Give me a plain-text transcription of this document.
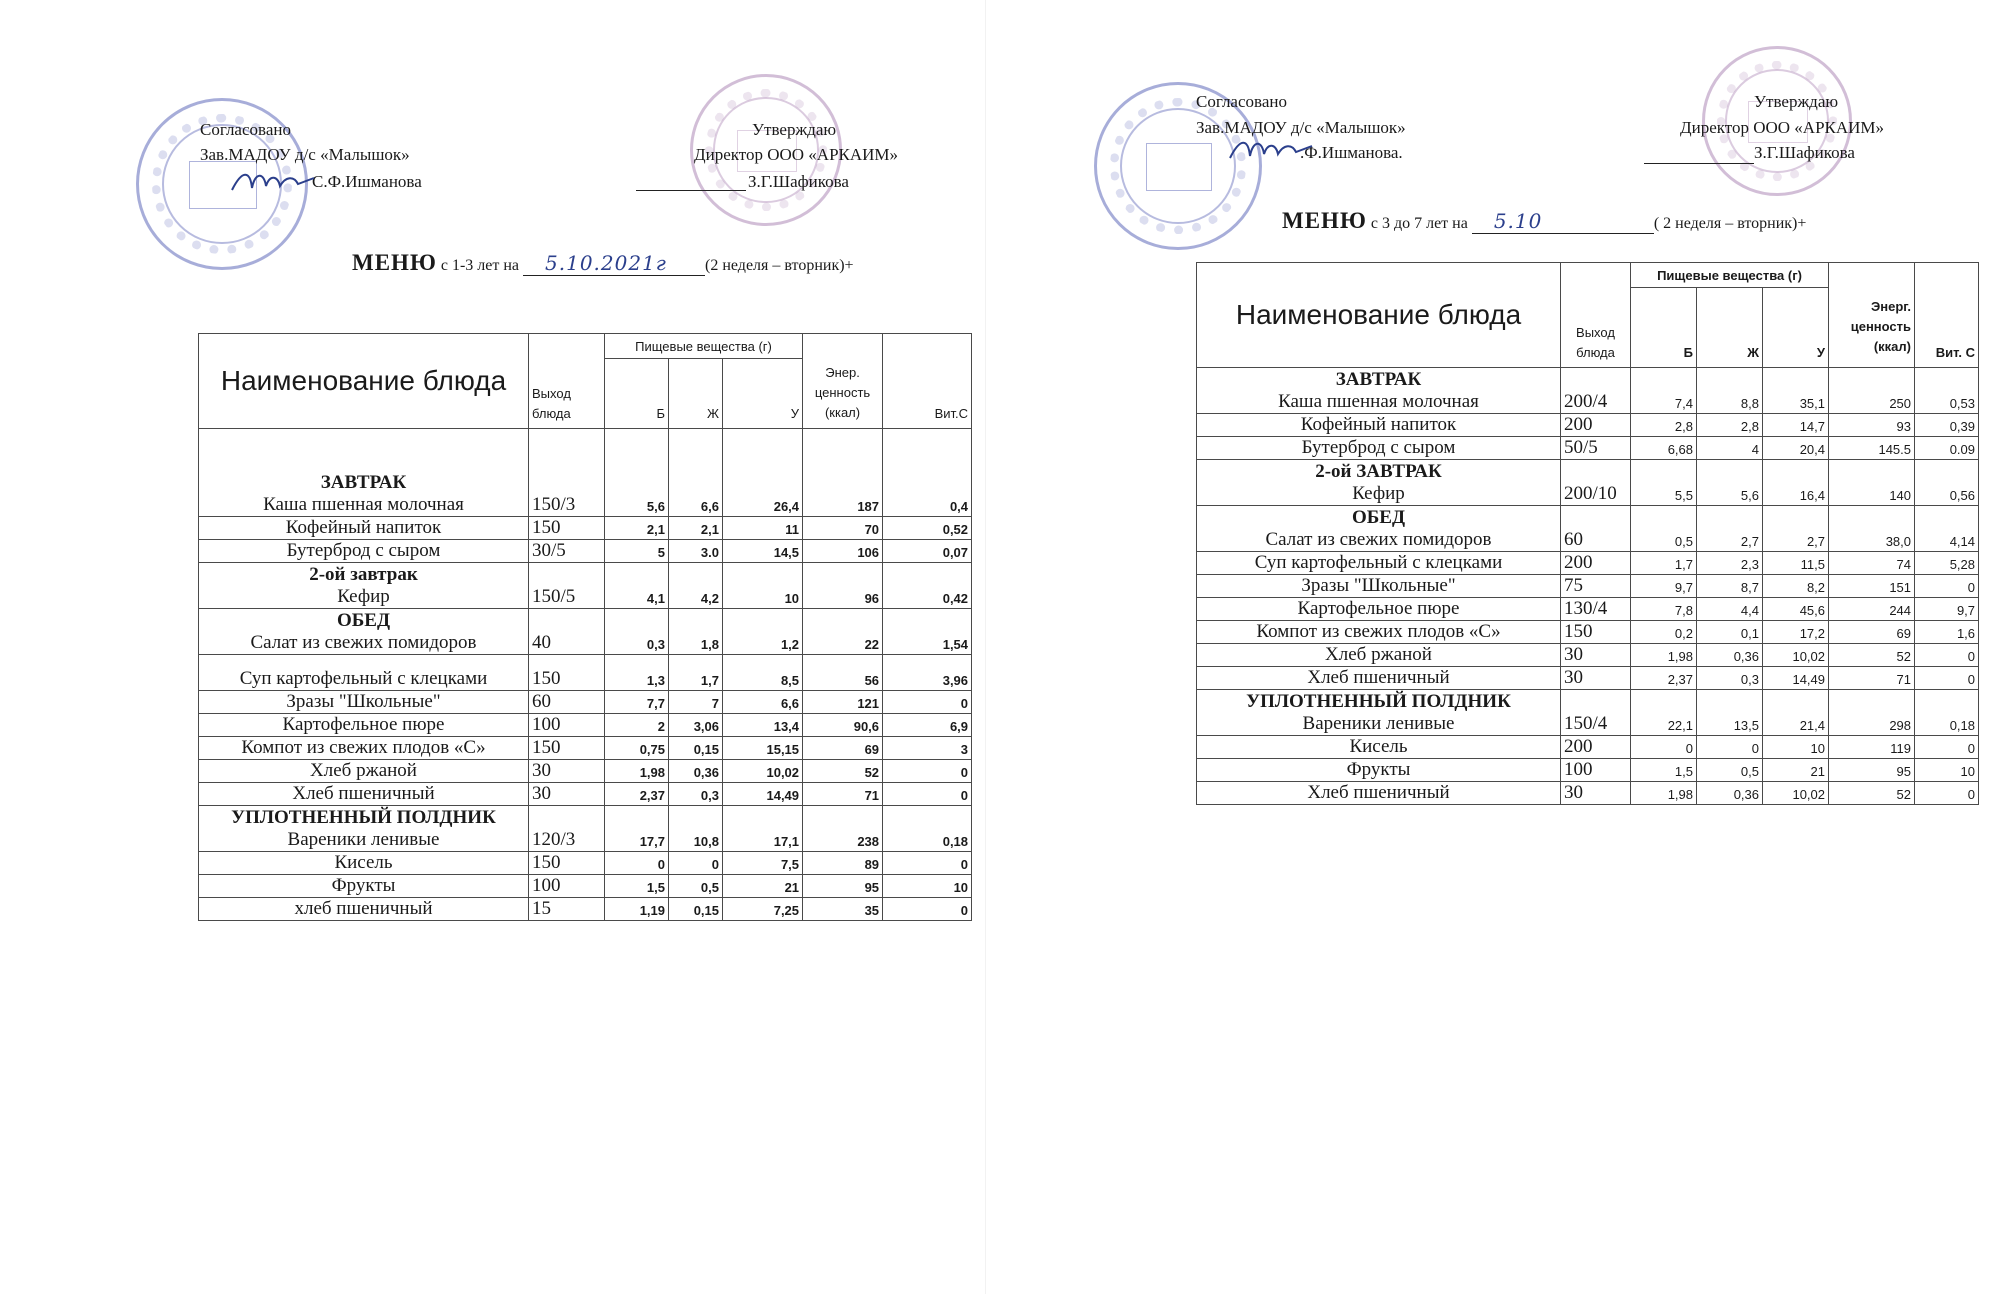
Согласовано
Зав.МАДОУ д/с «Малышок»
С.Ф.Ишманова
Утверждаю
Директор ООО «АРКАИМ»
З.Г.Шафикова
МЕНЮ с 1-3 лет на 5.10.2021г (2 неделя – вторник)+
Наименование блюда	Выход блюда	Пищевые вещества (г)			Энер. ценность (ккал)	Вит.С
		Б	Ж	У		

ЗАВТРАК
Каша пшенная молочная	150/3	5,6	6,6	26,4	187	0,4
Кофейный напиток	150	2,1	2,1	11	70	0,52
Бутерброд с сыром	30/5	5	3.0	14,5	106	0,07

2-ой завтрак
Кефир	150/5	4,1	4,2	10	96	0,42

ОБЕД
Салат из свежих помидоров	40	0,3	1,8	1,2	22	1,54
Суп картофельный с клецками	150	1,3	1,7	8,5	56	3,96
Зразы "Школьные"	60	7,7	7	6,6	121	0
Картофельное пюре	100	2	3,06	13,4	90,6	6,9
Компот из свежих плодов «С»	150	0,75	0,15	15,15	69	3
Хлеб ржаной	30	1,98	0,36	10,02	52	0
Хлеб пшеничный	30	2,37	0,3	14,49	71	0

УПЛОТНЕННЫЙ ПОЛДНИК
Вареники ленивые	120/3	17,7	10,8	17,1	238	0,18
Кисель	150	0	0	7,5	89	0
Фрукты	100	1,5	0,5	21	95	10
хлеб пшеничный	15	1,19	0,15	7,25	35	0
Согласовано
Зав.МАДОУ д/с «Малышок»
.Ф.Ишманова.
Утверждаю
Директор ООО «АРКАИМ»
З.Г.Шафикова
МЕНЮ с 3 до 7 лет на 5.10	( 2 неделя – вторник)+
Наименование блюда	Выход блюда	Пищевые вещества (г)			Энерг. ценность (ккал)	Вит. С
		Б	Ж	У		

ЗАВТРАК
Каша пшенная молочная	200/4	7,4	8,8	35,1	250	0,53
Кофейный напиток	200	2,8	2,8	14,7	93	0,39
Бутерброд с сыром	50/5	6,68	4	20,4	145.5	0.09

2-ой ЗАВТРАК
Кефир	200/10	5,5	5,6	16,4	140	0,56

ОБЕД
Салат из свежих помидоров	60	0,5	2,7	2,7	38,0	4,14
Суп картофельный с клецками	200	1,7	2,3	11,5	74	5,28
Зразы "Школьные"	75	9,7	8,7	8,2	151	0
Картофельное пюре	130/4	7,8	4,4	45,6	244	9,7
Компот из свежих плодов «С»	150	0,2	0,1	17,2	69	1,6
Хлеб ржаной	30	1,98	0,36	10,02	52	0
Хлеб пшеничный	30	2,37	0,3	14,49	71	0

УПЛОТНЕННЫЙ ПОЛДНИК
Вареники ленивые	150/4	22,1	13,5	21,4	298	0,18
Кисель	200	0	0	10	119	0
Фрукты	100	1,5	0,5	21	95	10
Хлеб пшеничный	30	1,98	0,36	10,02	52	0
